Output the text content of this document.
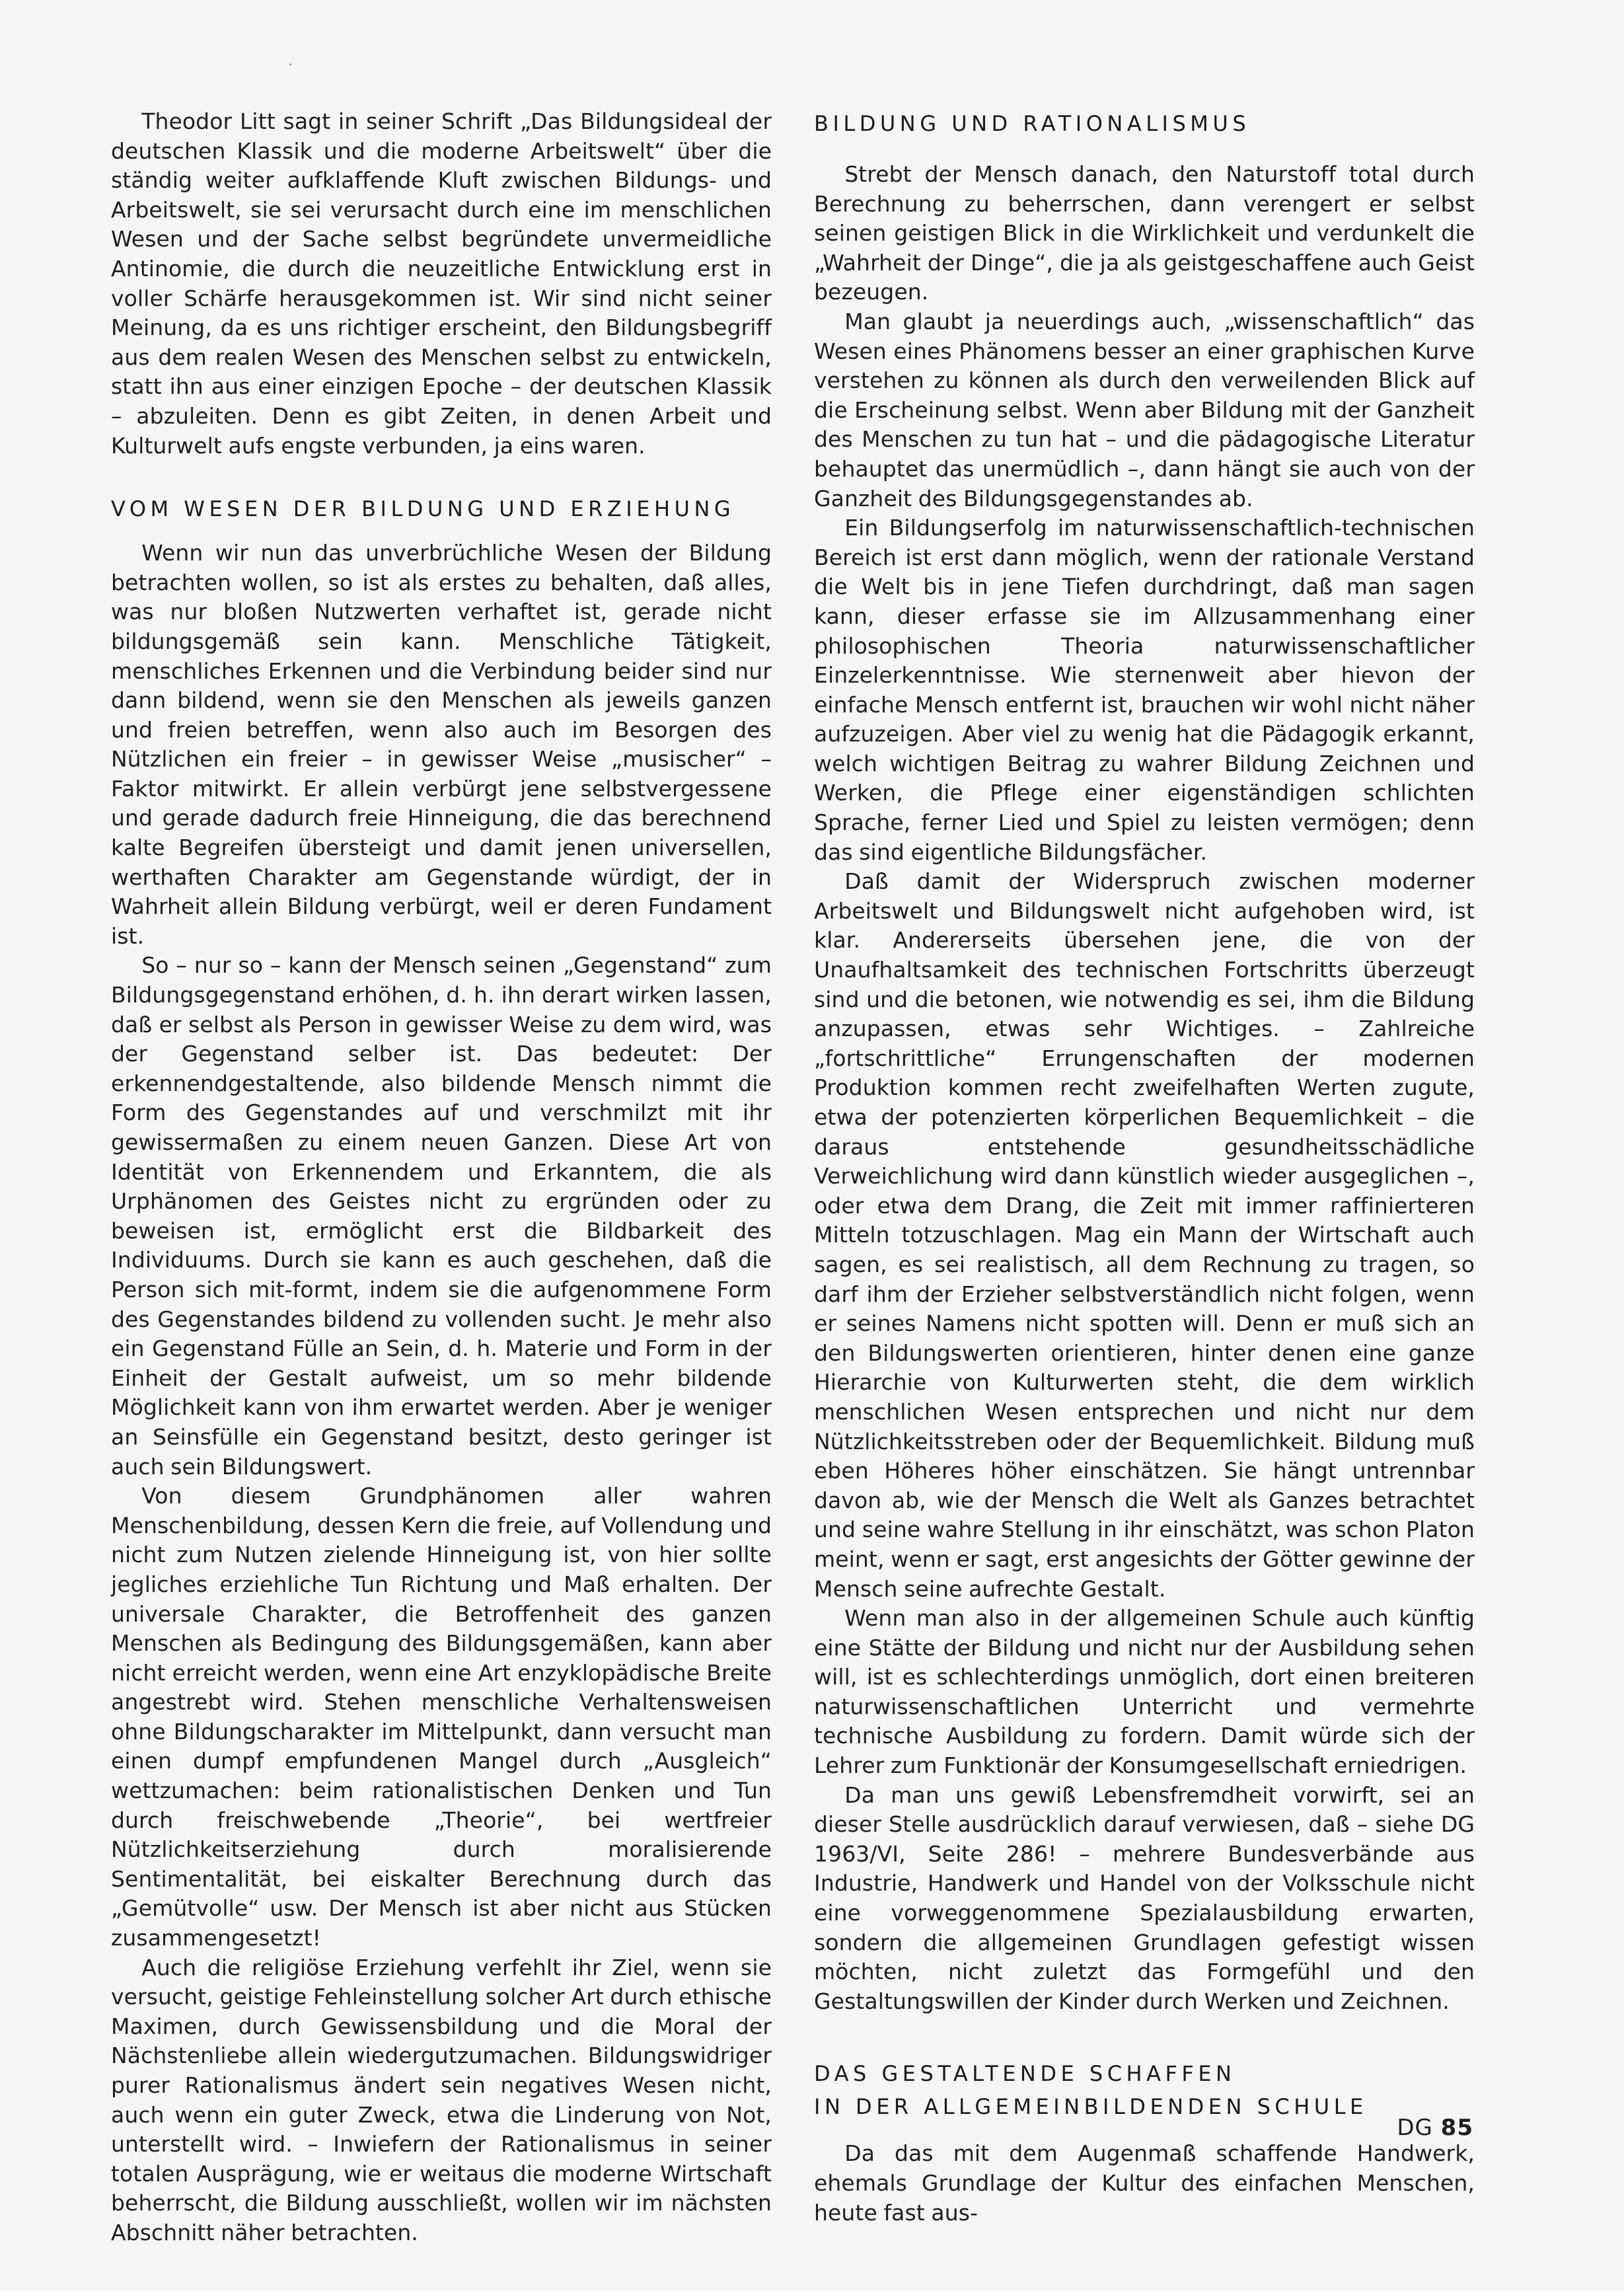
Theodor Litt sagt in seiner Schrift „Das Bildungsideal der deutschen Klassik und die moderne Arbeitswelt“ über die ständig weiter aufklaffende Kluft zwischen Bildungs- und Arbeitswelt, sie sei verursacht durch eine im menschlichen Wesen und der Sache selbst begründete unvermeidliche Antinomie, die durch die neuzeitliche Entwicklung erst in voller Schärfe herausgekommen ist. Wir sind nicht seiner Meinung, da es uns richtiger erscheint, den Bildungsbegriff aus dem realen Wesen des Menschen selbst zu entwickeln, statt ihn aus einer einzigen Epoche – der deutschen Klassik – abzuleiten. Denn es gibt Zeiten, in denen Arbeit und Kulturwelt aufs engste verbunden, ja eins waren.

VOM WESEN DER BILDUNG UND ERZIEHUNG

Wenn wir nun das unverbrüchliche Wesen der Bildung betrachten wollen, so ist als erstes zu behalten, daß alles, was nur bloßen Nutzwerten verhaftet ist, gerade nicht bildungsgemäß sein kann. Menschliche Tätigkeit, menschliches Erkennen und die Verbindung beider sind nur dann bildend, wenn sie den Menschen als jeweils ganzen und freien betreffen, wenn also auch im Besorgen des Nützlichen ein freier – in gewisser Weise „musischer“ – Faktor mitwirkt. Er allein verbürgt jene selbstvergessene und gerade dadurch freie Hinneigung, die das berechnend kalte Begreifen übersteigt und damit jenen universellen, werthaften Charakter am Gegenstande würdigt, der in Wahrheit allein Bildung verbürgt, weil er deren Fundament ist.

So – nur so – kann der Mensch seinen „Gegenstand“ zum Bildungsgegenstand erhöhen, d. h. ihn derart wirken lassen, daß er selbst als Person in gewisser Weise zu dem wird, was der Gegenstand selber ist. Das bedeutet: Der erkennendgestaltende, also bildende Mensch nimmt die Form des Gegenstandes auf und verschmilzt mit ihr gewissermaßen zu einem neuen Ganzen. Diese Art von Identität von Erkennendem und Erkanntem, die als Urphänomen des Geistes nicht zu ergründen oder zu beweisen ist, ermöglicht erst die Bildbarkeit des Individuums. Durch sie kann es auch geschehen, daß die Person sich mit-formt, indem sie die aufgenommene Form des Gegenstandes bildend zu vollenden sucht. Je mehr also ein Gegenstand Fülle an Sein, d. h. Materie und Form in der Einheit der Gestalt aufweist, um so mehr bildende Möglichkeit kann von ihm erwartet werden. Aber je weniger an Seinsfülle ein Gegenstand besitzt, desto geringer ist auch sein Bildungswert.

Von diesem Grundphänomen aller wahren Menschenbildung, dessen Kern die freie, auf Vollendung und nicht zum Nutzen zielende Hinneigung ist, von hier sollte jegliches erziehliche Tun Richtung und Maß erhalten. Der universale Charakter, die Betroffenheit des ganzen Menschen als Bedingung des Bildungsgemäßen, kann aber nicht erreicht werden, wenn eine Art enzyklopädische Breite angestrebt wird. Stehen menschliche Verhaltensweisen ohne Bildungscharakter im Mittelpunkt, dann versucht man einen dumpf empfundenen Mangel durch „Ausgleich“ wettzumachen: beim rationalistischen Denken und Tun durch freischwebende „Theorie“, bei wertfreier Nützlichkeitserziehung durch moralisierende Sentimentalität, bei eiskalter Berechnung durch das „Gemütvolle“ usw. Der Mensch ist aber nicht aus Stücken zusammengesetzt!

Auch die religiöse Erziehung verfehlt ihr Ziel, wenn sie versucht, geistige Fehleinstellung solcher Art durch ethische Maximen, durch Gewissensbildung und die Moral der Nächstenliebe allein wiedergutzumachen. Bildungswidriger purer Rationalismus ändert sein negatives Wesen nicht, auch wenn ein guter Zweck, etwa die Linderung von Not, unterstellt wird. – Inwiefern der Rationalismus in seiner totalen Ausprägung, wie er weitaus die moderne Wirtschaft beherrscht, die Bildung ausschließt, wollen wir im nächsten Abschnitt näher betrachten.

BILDUNG UND RATIONALISMUS

Strebt der Mensch danach, den Naturstoff total durch Berechnung zu beherrschen, dann verengert er selbst seinen geistigen Blick in die Wirklichkeit und verdunkelt die „Wahrheit der Dinge“, die ja als geistgeschaffene auch Geist bezeugen.

Man glaubt ja neuerdings auch, „wissenschaftlich“ das Wesen eines Phänomens besser an einer graphischen Kurve verstehen zu können als durch den verweilenden Blick auf die Erscheinung selbst. Wenn aber Bildung mit der Ganzheit des Menschen zu tun hat – und die pädagogische Literatur behauptet das unermüdlich –, dann hängt sie auch von der Ganzheit des Bildungsgegenstandes ab.

Ein Bildungserfolg im naturwissenschaftlich-technischen Bereich ist erst dann möglich, wenn der rationale Verstand die Welt bis in jene Tiefen durchdringt, daß man sagen kann, dieser erfasse sie im Allzusammenhang einer philosophischen Theoria naturwissenschaftlicher Einzelerkenntnisse. Wie sternenweit aber hievon der einfache Mensch entfernt ist, brauchen wir wohl nicht näher aufzuzeigen. Aber viel zu wenig hat die Pädagogik erkannt, welch wichtigen Beitrag zu wahrer Bildung Zeichnen und Werken, die Pflege einer eigenständigen schlichten Sprache, ferner Lied und Spiel zu leisten vermögen; denn das sind eigentliche Bildungsfächer.

Daß damit der Widerspruch zwischen moderner Arbeitswelt und Bildungswelt nicht aufgehoben wird, ist klar. Andererseits übersehen jene, die von der Unaufhaltsamkeit des technischen Fortschritts überzeugt sind und die betonen, wie notwendig es sei, ihm die Bildung anzupassen, etwas sehr Wichtiges. – Zahlreiche „fortschrittliche“ Errungenschaften der modernen Produktion kommen recht zweifelhaften Werten zugute, etwa der potenzierten körperlichen Bequemlichkeit – die daraus entstehende gesundheitsschädliche Verweichlichung wird dann künstlich wieder ausgeglichen –, oder etwa dem Drang, die Zeit mit immer raffinierteren Mitteln totzuschlagen. Mag ein Mann der Wirtschaft auch sagen, es sei realistisch, all dem Rechnung zu tragen, so darf ihm der Erzieher selbstverständlich nicht folgen, wenn er seines Namens nicht spotten will. Denn er muß sich an den Bildungswerten orientieren, hinter denen eine ganze Hierarchie von Kulturwerten steht, die dem wirklich menschlichen Wesen entsprechen und nicht nur dem Nützlichkeitsstreben oder der Bequemlichkeit. Bildung muß eben Höheres höher einschätzen. Sie hängt untrennbar davon ab, wie der Mensch die Welt als Ganzes betrachtet und seine wahre Stellung in ihr einschätzt, was schon Platon meint, wenn er sagt, erst angesichts der Götter gewinne der Mensch seine aufrechte Gestalt.

Wenn man also in der allgemeinen Schule auch künftig eine Stätte der Bildung und nicht nur der Ausbildung sehen will, ist es schlechterdings unmöglich, dort einen breiteren naturwissenschaftlichen Unterricht und vermehrte technische Ausbildung zu fordern. Damit würde sich der Lehrer zum Funktionär der Konsumgesellschaft erniedrigen.

Da man uns gewiß Lebensfremdheit vorwirft, sei an dieser Stelle ausdrücklich darauf verwiesen, daß – siehe DG 1963/VI, Seite 286! – mehrere Bundesverbände aus Industrie, Handwerk und Handel von der Volksschule nicht eine vorweggenommene Spezialausbildung erwarten, sondern die allgemeinen Grundlagen gefestigt wissen möchten, nicht zuletzt das Formgefühl und den Gestaltungswillen der Kinder durch Werken und Zeichnen.

DAS GESTALTENDE SCHAFFEN
IN DER ALLGEMEINBILDENDEN SCHULE

Da das mit dem Augenmaß schaffende Handwerk, ehemals Grundlage der Kultur des einfachen Menschen, heute fast aus-

DG 85
